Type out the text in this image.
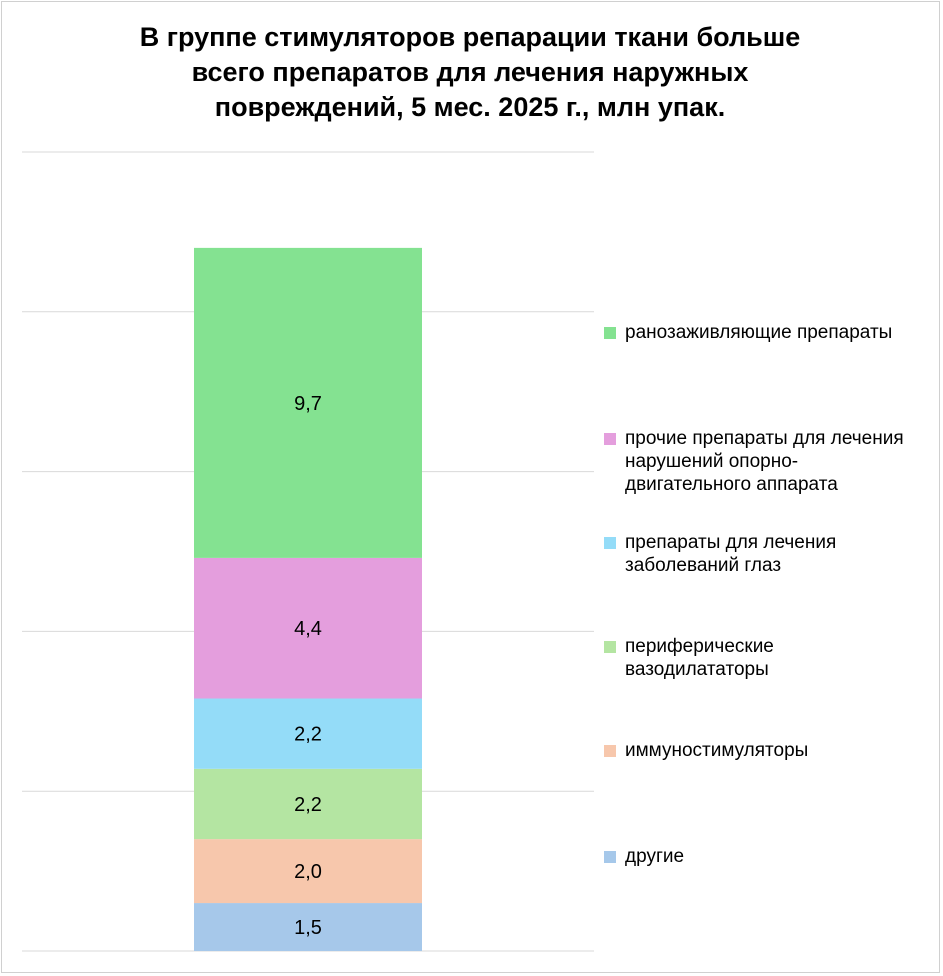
В группе стимуляторов репарации ткани больше
всего препаратов для лечения наружных
повреждений, 5 мес. 2025 г., млн упак.
1,5
2,0
2,2
2,2
4,4
9,7
ранозаживляющие препараты
прочие препараты для лечения
нарушений опорно-
двигательного аппарата
препараты для лечения
заболеваний глаз
периферические
вазодилататоры
иммуностимуляторы
другие
